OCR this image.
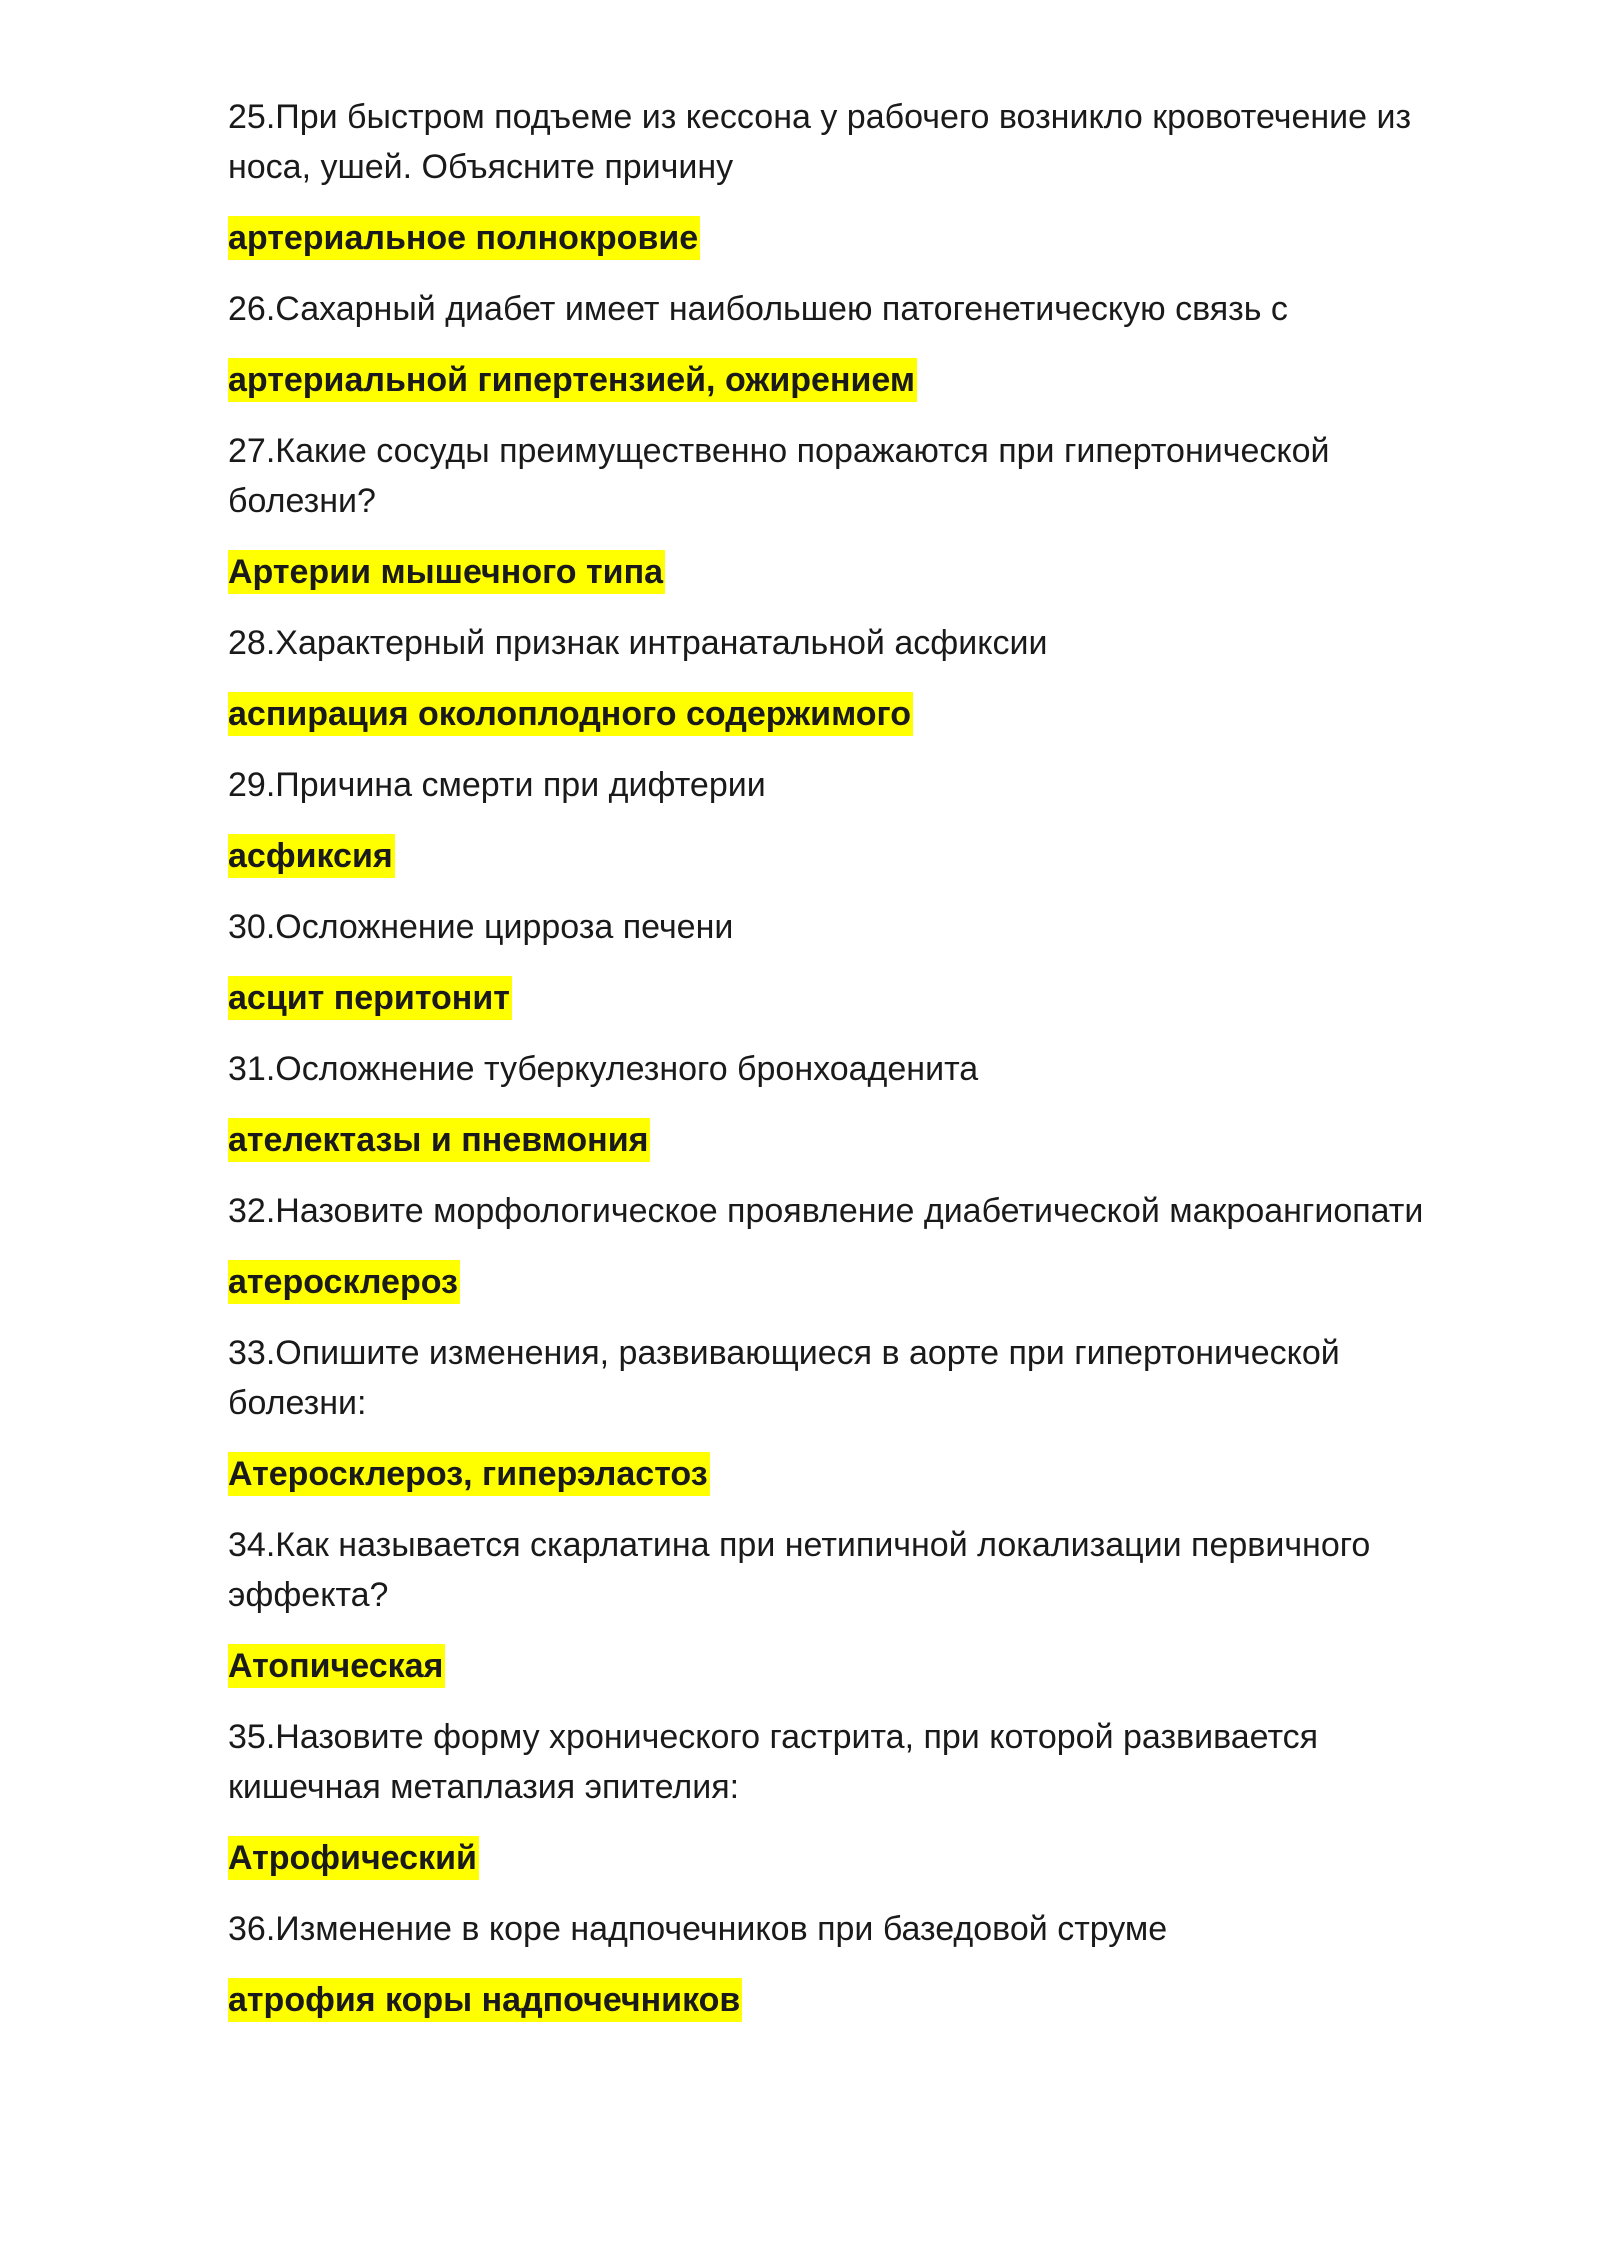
25.При быстром подъеме из кессона у рабочего возникло кровотечение из носа, ушей. Объясните причину

артериальное полнокровие

26.Сахарный диабет имеет наибольшею патогенетическую связь с

артериальной гипертензией, ожирением

27.Какие сосуды преимущественно поражаются при гипертонической болезни?

Артерии мышечного типа

28.Характерный признак интранатальной асфиксии

аспирация околоплодного содержимого

29.Причина смерти при дифтерии

асфиксия

30.Осложнение цирроза печени

асцит перитонит

31.Осложнение туберкулезного бронхоаденита

ателектазы и пневмония

32.Назовите морфологическое проявление диабетической макроангиопати

атеросклероз

33.Опишите изменения, развивающиеся в аорте при гипертонической болезни:

Атеросклероз, гиперэластоз

34.Как называется скарлатина при нетипичной локализации первичного эффекта?

Атопическая

35.Назовите форму хронического гастрита, при которой развивается кишечная метаплазия эпителия:

Атрофический

36.Изменение в коре надпочечников при базедовой струме

атрофия коры надпочечников
